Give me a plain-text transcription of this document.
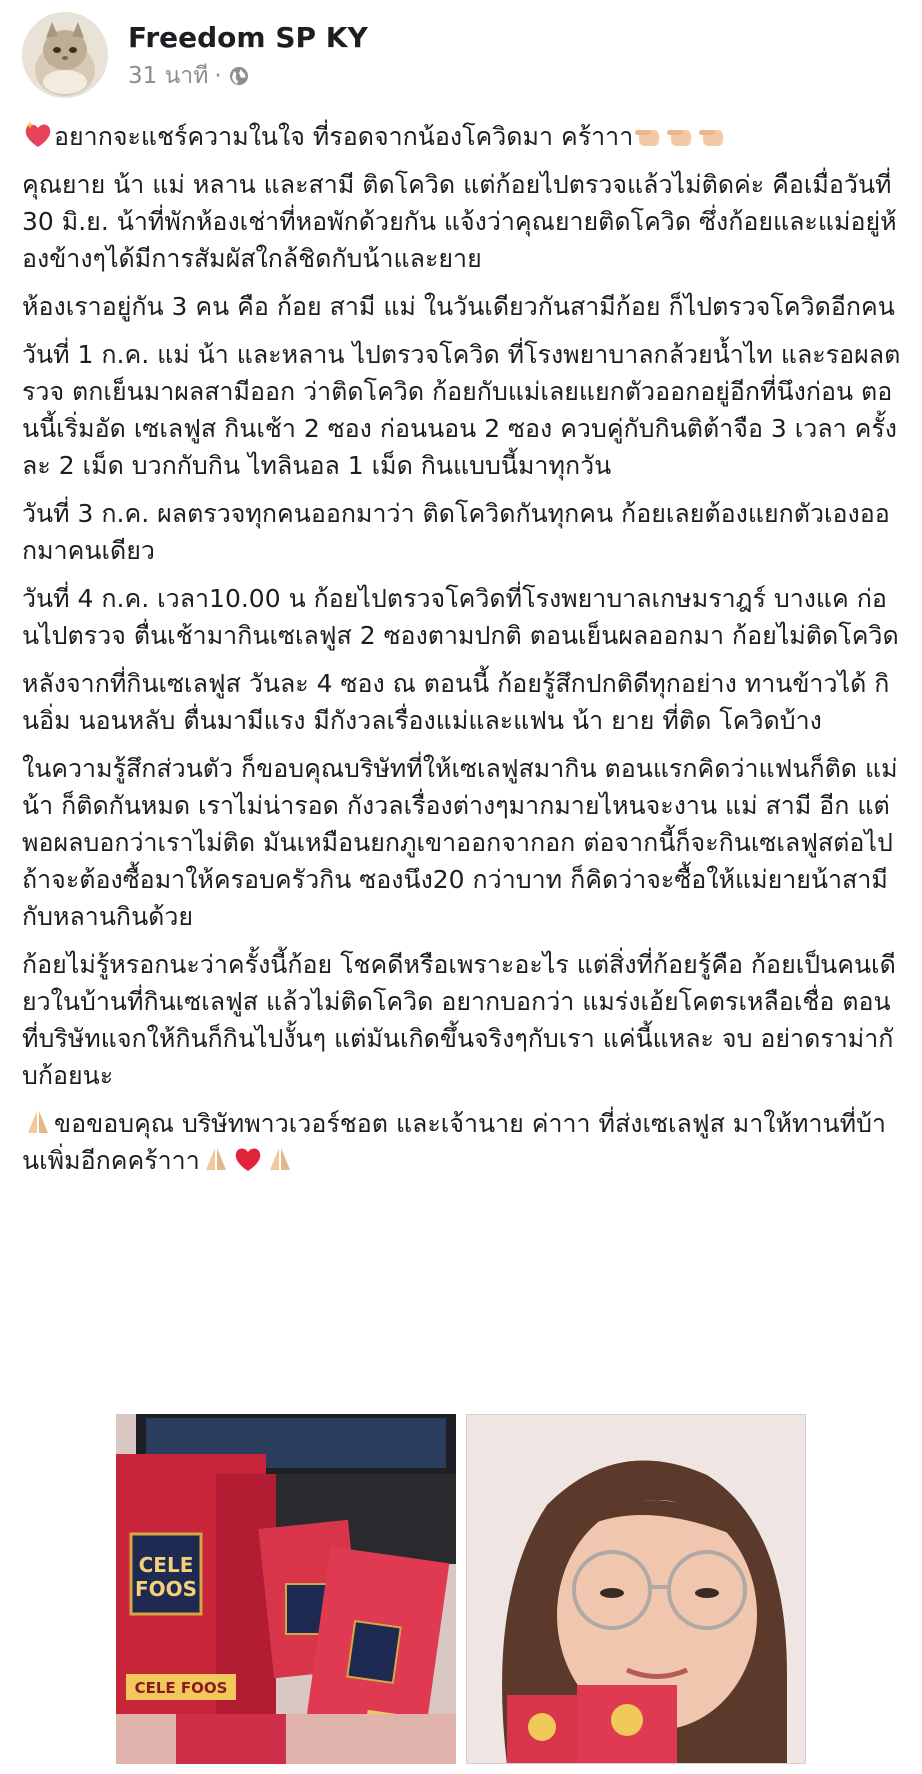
Freedom SP KY
31 นาที ·

อยากจะแชร์ความในใจ ที่รอดจากน้องโควิดมา คร้าาา

คุณยาย น้า แม่ หลาน และสามี ติดโควิด แต่ก้อยไปตรวจแล้วไม่ติดค่ะ คือเมื่อวันที่ 30 มิ.ย. น้าที่พักห้องเช่าที่หอพักด้วยกัน แจ้งว่าคุณยายติดโควิด ซึ่งก้อยและแม่อยู่ห้องข้างๆได้มีการสัมผัสใกล้ชิดกับน้าและยาย

ห้องเราอยู่กัน 3 คน คือ ก้อย สามี แม่ ในวันเดียวกันสามีก้อย ก็ไปตรวจโควิดอีกคน

วันที่ 1 ก.ค. แม่ น้า และหลาน ไปตรวจโควิด ที่โรงพยาบาลกล้วยน้ำไท และรอผลตรวจ ตกเย็นมาผลสามีออก ว่าติดโควิด ก้อยกับแม่เลยแยกตัวออกอยู่อีกที่นึงก่อน ตอนนี้เริ่มอัด เซเลฟูส กินเช้า 2 ซอง ก่อนนอน 2 ซอง ควบคู่กับกินติต้าจือ 3 เวลา ครั้งละ 2 เม็ด บวกกับกิน ไทลินอล 1 เม็ด กินแบบนี้มาทุกวัน

วันที่ 3 ก.ค. ผลตรวจทุกคนออกมาว่า ติดโควิดกันทุกคน ก้อยเลยต้องแยกตัวเองออกมาคนเดียว

วันที่ 4 ก.ค. เวลา10.00 น ก้อยไปตรวจโควิดที่โรงพยาบาลเกษมราฎร์ บางแค ก่อนไปตรวจ ตื่นเช้ามากินเซเลฟูส 2 ซองตามปกติ ตอนเย็นผลออกมา ก้อยไม่ติดโควิด

หลังจากที่กินเซเลฟูส วันละ 4 ซอง ณ ตอนนี้ ก้อยรู้สึกปกติดีทุกอย่าง ทานข้าวได้ กินอิ่ม นอนหลับ ตื่นมามีแรง มีกังวลเรื่องแม่และแฟน น้า ยาย ที่ติด โควิดบ้าง

ในความรู้สึกส่วนตัว ก็ขอบคุณบริษัทที่ให้เซเลฟูสมากิน ตอนแรกคิดว่าแฟนก็ติด แม่ น้า ก็ติดกันหมด เราไม่น่ารอด กังวลเรื่องต่างๆมากมายไหนจะงาน แม่ สามี อีก แต่พอผลบอกว่าเราไม่ติด มันเหมือนยกภูเขาออกจากอก ต่อจากนี้ก็จะกินเซเลฟูสต่อไป ถ้าจะต้องซื้อมาให้ครอบครัวกิน ซองนึง20 กว่าบาท ก็คิดว่าจะซื้อให้แม่ยายน้าสามีกับหลานกินด้วย

ก้อยไม่รู้หรอกนะว่าครั้งนี้ก้อย โชคดีหรือเพราะอะไร แต่สิ่งที่ก้อยรู้คือ ก้อยเป็นคนเดียวในบ้านที่กินเซเลฟูส แล้วไม่ติดโควิด อยากบอกว่า แมร่งเอ้ยโคตรเหลือเชื่อ ตอนที่บริษัทแจกให้กินก็กินไปงั้นๆ แต่มันเกิดขึ้นจริงๆกับเรา แค่นี้แหละ จบ อย่าดราม่ากับก้อยนะ

ขอขอบคุณ บริษัทพาวเวอร์ชอต และเจ้านาย ค่าาา ที่ส่งเซเลฟูส มาให้ทานที่บ้านเพิ่มอีกคคร้าาา

CELE
FOOS
CELE FOOS
